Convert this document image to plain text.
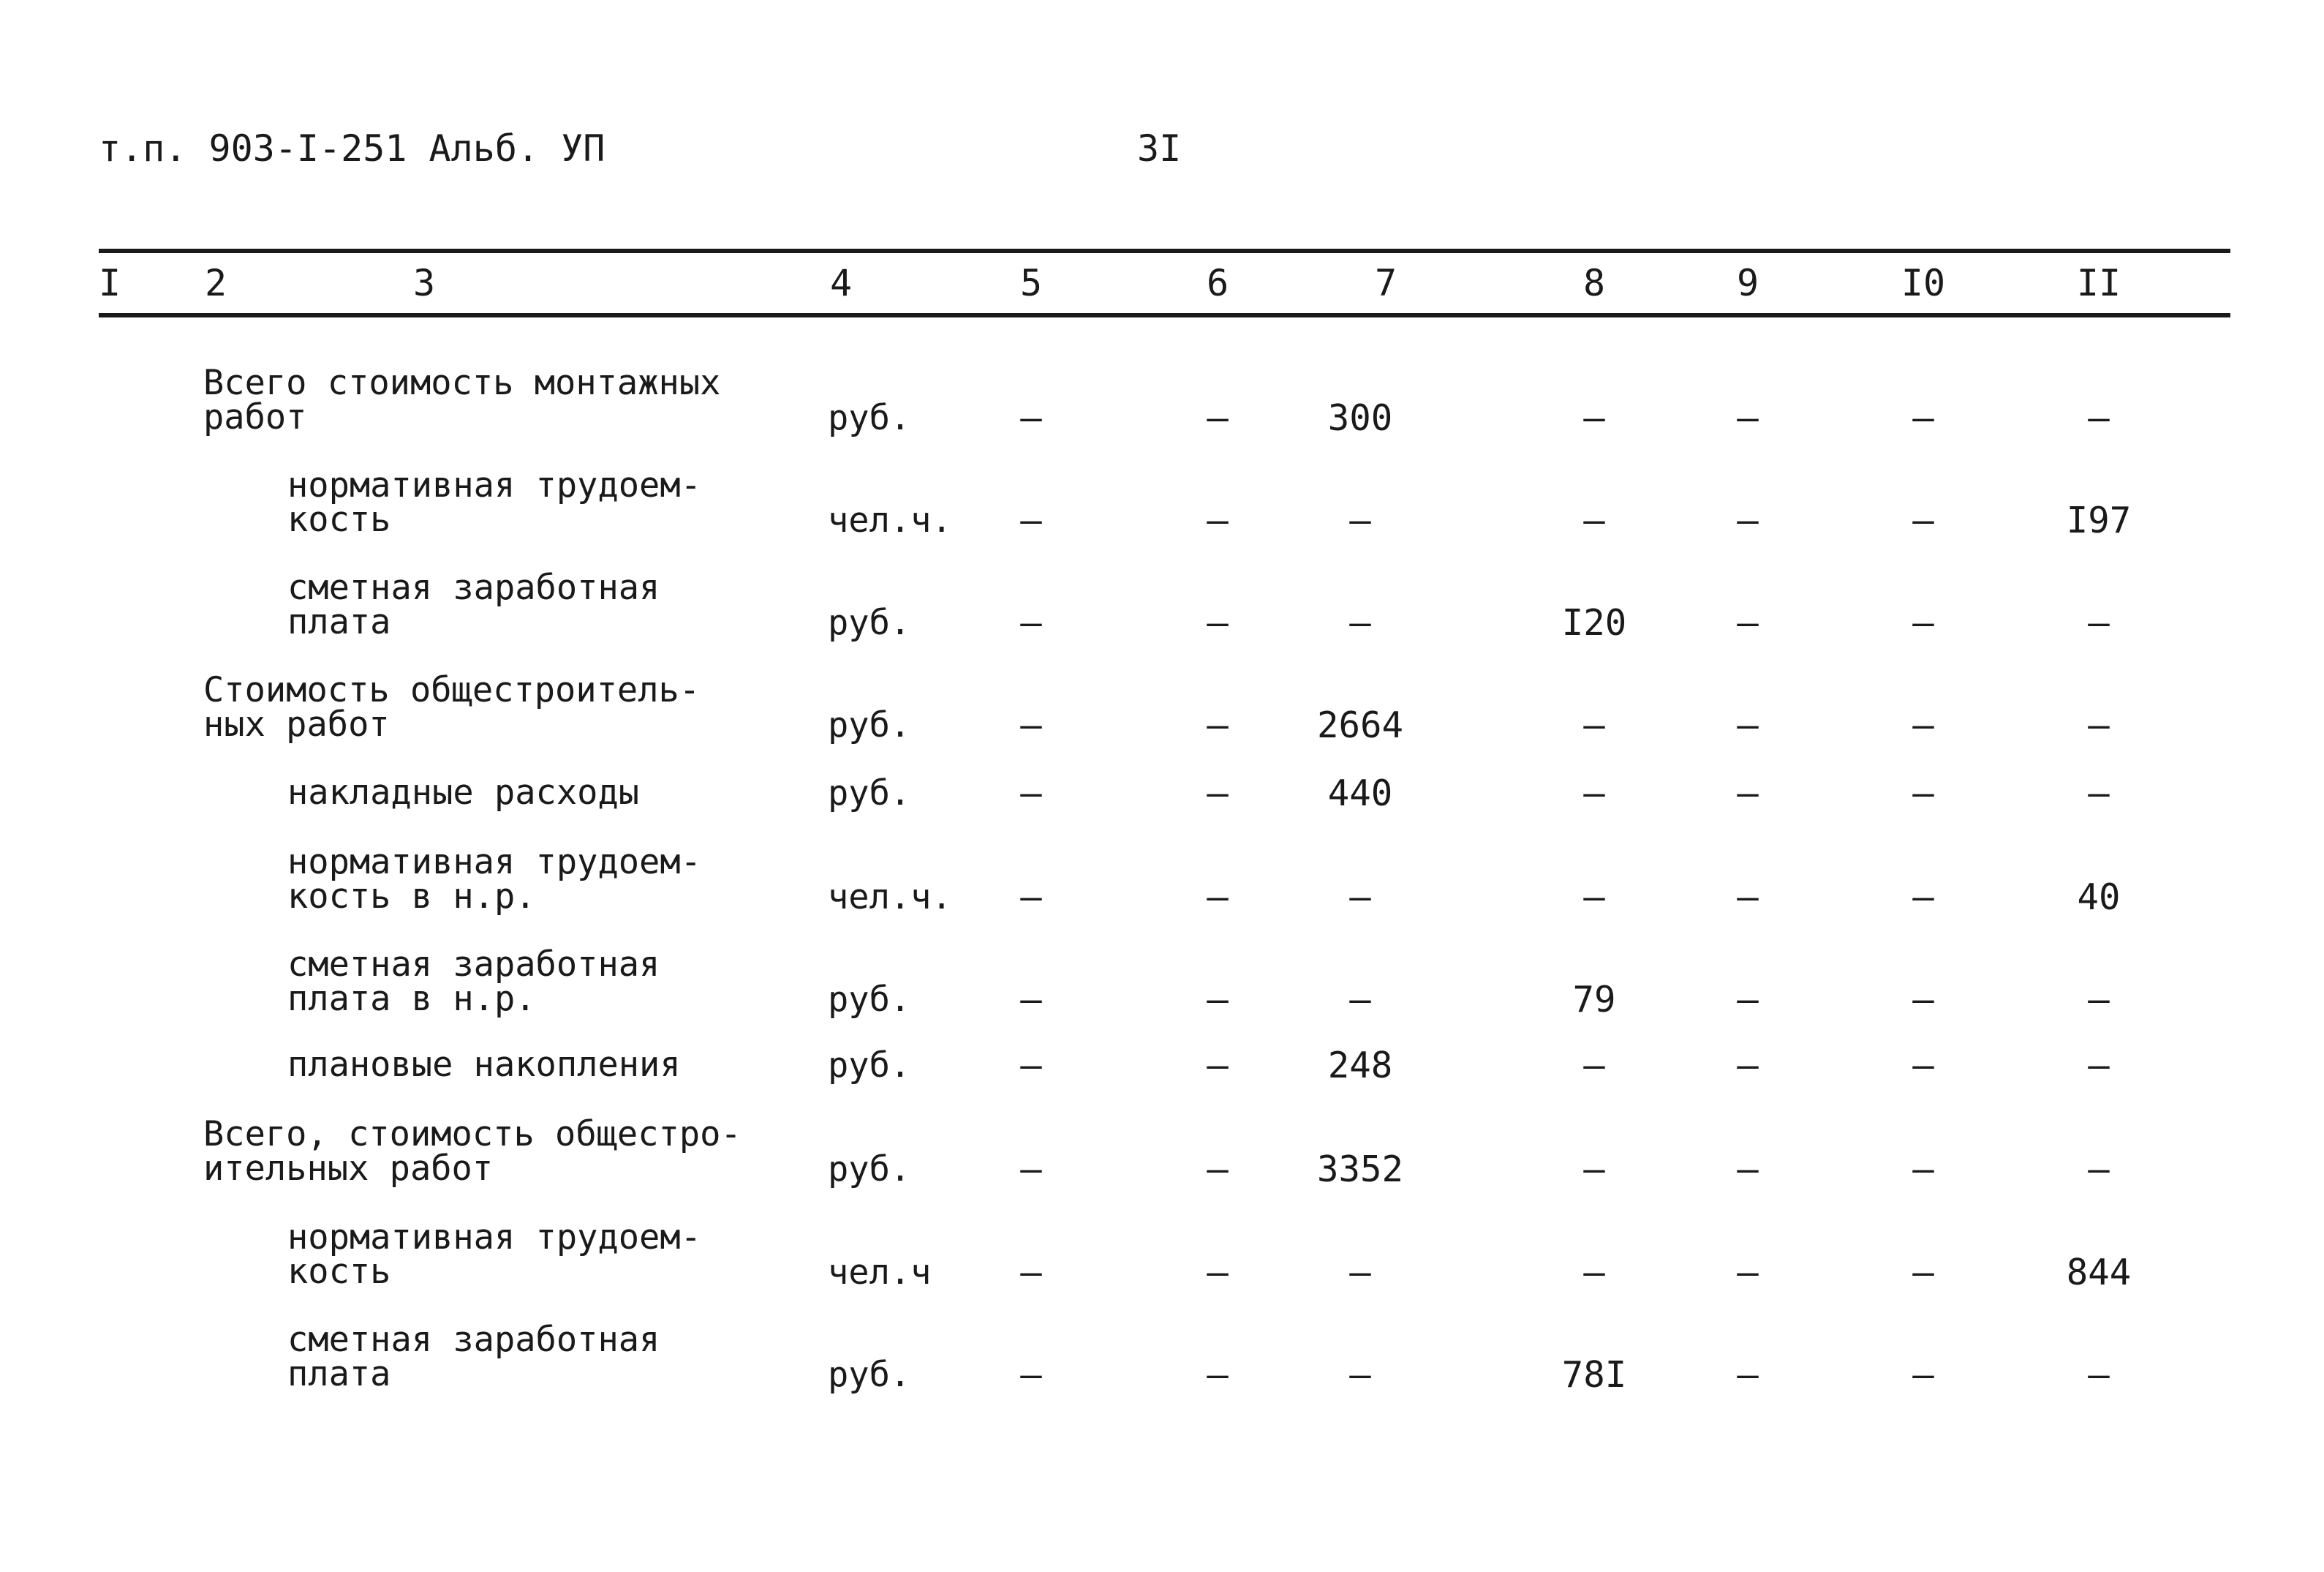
т.п. 903-I-251 Альб. УП	3I
I 2	3	4	5	6	7	8	9	I0	II
Всего стоимость монтажных
работ	руб.	–	–	300	–	–	–	–
нормативная трудоем-
кость	чел.ч. –	–	–	–	–	–	I97
сметная заработная
плата	руб.	–	–	–	I20	–	–	–
Стоимость общестроитель-
ных работ	руб.	–	– 2664	–	–	–	–
накладные расходы	руб.	–	–	440	–	–	–	–
нормативная трудоем-
кость в н.р.	чел.ч. –	–	–	–	–	–	40
сметная заработная
плата в н.р.	руб.	–	–	–	79	–	–	–
плановые накопления	руб.	–	–	248	–	–	–	–
Всего, стоимость общестро-
ительных работ	руб.	–	– 3352	–	–	–	–
нормативная трудоем-
кость	чел.ч –	–	–	–	–	–	844
сметная заработная
плата	руб.	–	–	–	78I	–	–	–
